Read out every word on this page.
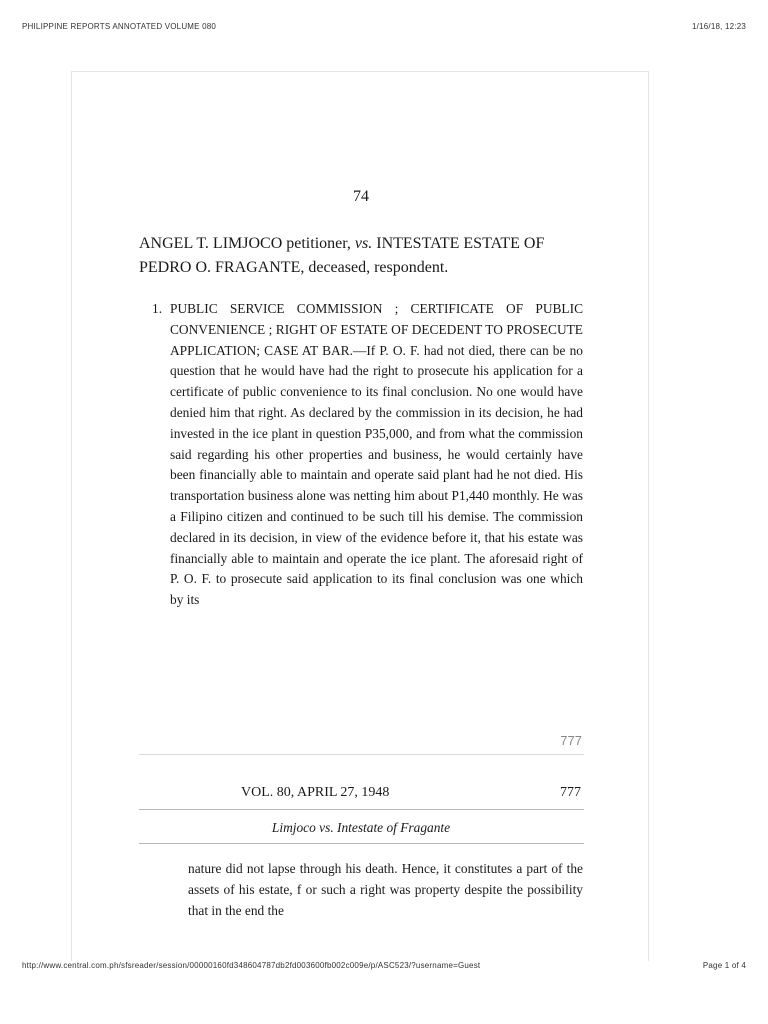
PHILIPPINE REPORTS ANNOTATED VOLUME 080	1/16/18, 12:23
74
ANGEL T. LIMJOCO petitioner, vs. INTESTATE ESTATE OF PEDRO O. FRAGANTE, deceased, respondent.
1. PUBLIC SERVICE COMMISSION ; CERTIFICATE OF PUBLIC CONVENIENCE ; RIGHT OF ESTATE OF DECEDENT TO PROSECUTE APPLICATION; CASE AT BAR.—If P. O. F. had not died, there can be no question that he would have had the right to prosecute his application for a certificate of public convenience to its final conclusion. No one would have denied him that right. As declared by the commission in its decision, he had invested in the ice plant in question P35,000, and from what the commission said regarding his other properties and business, he would certainly have been financially able to maintain and operate said plant had he not died. His transportation business alone was netting him about P1,440 monthly. He was a Filipino citizen and continued to be such till his demise. The commission declared in its decision, in view of the evidence before it, that his estate was financially able to maintain and operate the ice plant. The aforesaid right of P. O. F. to prosecute said application to its final conclusion was one which by its
777
VOL. 80, APRIL 27, 1948	777
Limjoco vs. Intestate of Fragante
nature did not lapse through his death. Hence, it constitutes a part of the assets of his estate, f or such a right was property despite the possibility that in the end the
http://www.central.com.ph/sfsreader/session/00000160fd348604787db2fd003600fb002c009e/p/ASC523/?username=Guest	Page 1 of 4
